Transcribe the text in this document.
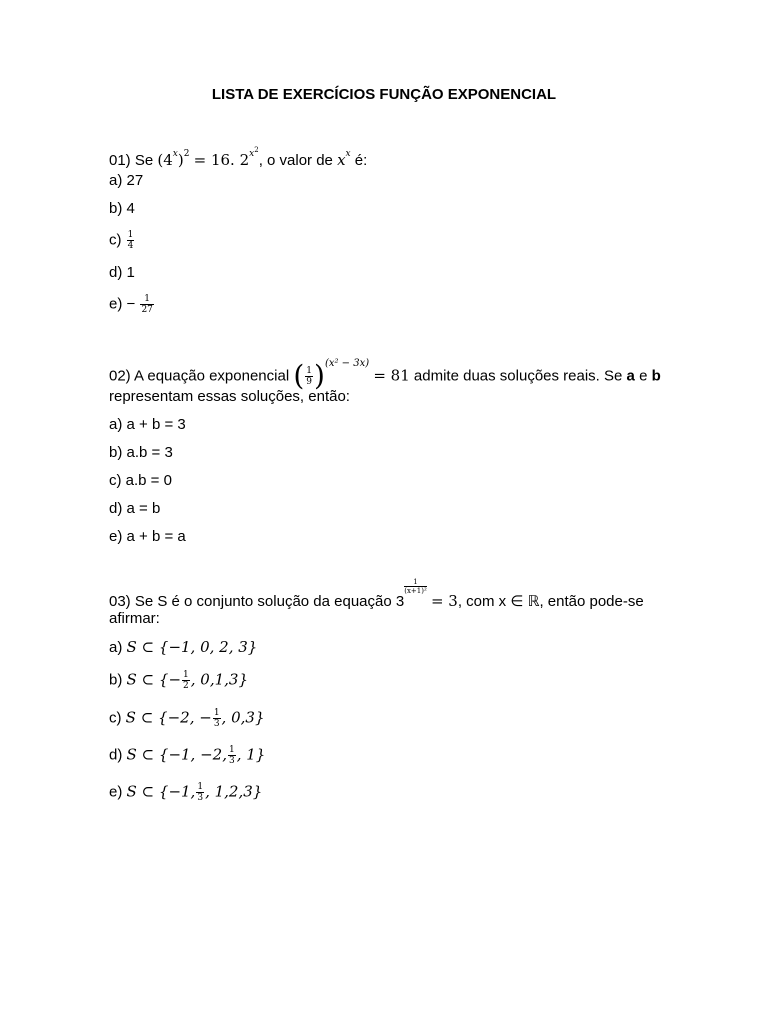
LISTA DE EXERCÍCIOS FUNÇÃO EXPONENCIAL
01) Se $(4^x)^2 = 16$. $2^{x^2}$, o valor de $x^x$ é:
a) 27
b) 4
$c) \frac{1}{4}$
d) 1
$e) - \frac{1}{27}$
02) A equação exponencial ( $\frac{1}{9} )^{(x^2 - 3x)} = 81$ admite duas soluções reais. Se a e b
representam essas soluções, então:
a) a + b = 3
b) a.b = 3
c) a.b = 0
d) a = b
e) a + b = a
03) Se S é o conjunto solução da equação 3
$\frac{1}{\text{(x+1)²}} = 3$, com x ∈ ℝ, então pode-se
afirmar:
a) S ⊂ {−1, 0, 2, 3}
b) S ⊂ {− $\frac{1}{2}$ , 0,1,3}
c) S ⊂ {−2, − $\frac{1}{3}$ , 0,3}
d) S ⊂ {−1, −2, $\frac{1}{3}$ , 1}
e) S ⊂ {−1, $\frac{1}{3}$ , 1,2,3}
